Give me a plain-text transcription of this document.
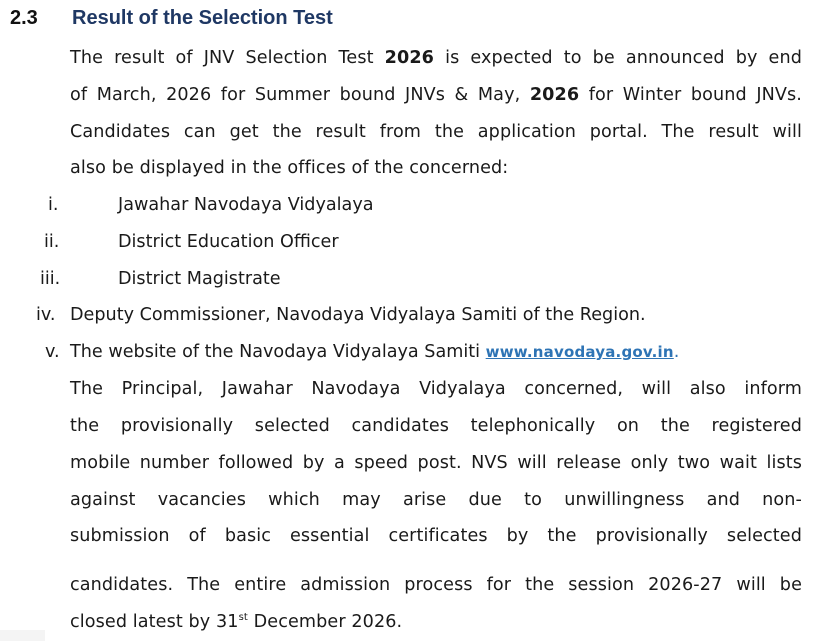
2.3 Result of the Selection Test
The result of JNV Selection Test 2026 is expected to be announced by end
of March, 2026 for Summer bound JNVs & May, 2026 for Winter bound JNVs.
Candidates can get the result from the application portal. The result will
also be displayed in the offices of the concerned:
i.	Jawahar Navodaya Vidyalaya
ii.	District Education Officer
iii.	District Magistrate
iv. Deputy Commissioner, Navodaya Vidyalaya Samiti of the Region.
v. The website of the Navodaya Vidyalaya Samiti www.navodaya.gov.in.
The Principal, Jawahar Navodaya Vidyalaya concerned, will also inform
the provisionally selected candidates telephonically on the registered
mobile number followed by a speed post. NVS will release only two wait lists
against vacancies which may arise due to unwillingness and non-
submission of basic essential certificates by the provisionally selected
candidates. The entire admission process for the session 2026-27 will be
closed latest by 31st December 2026.
